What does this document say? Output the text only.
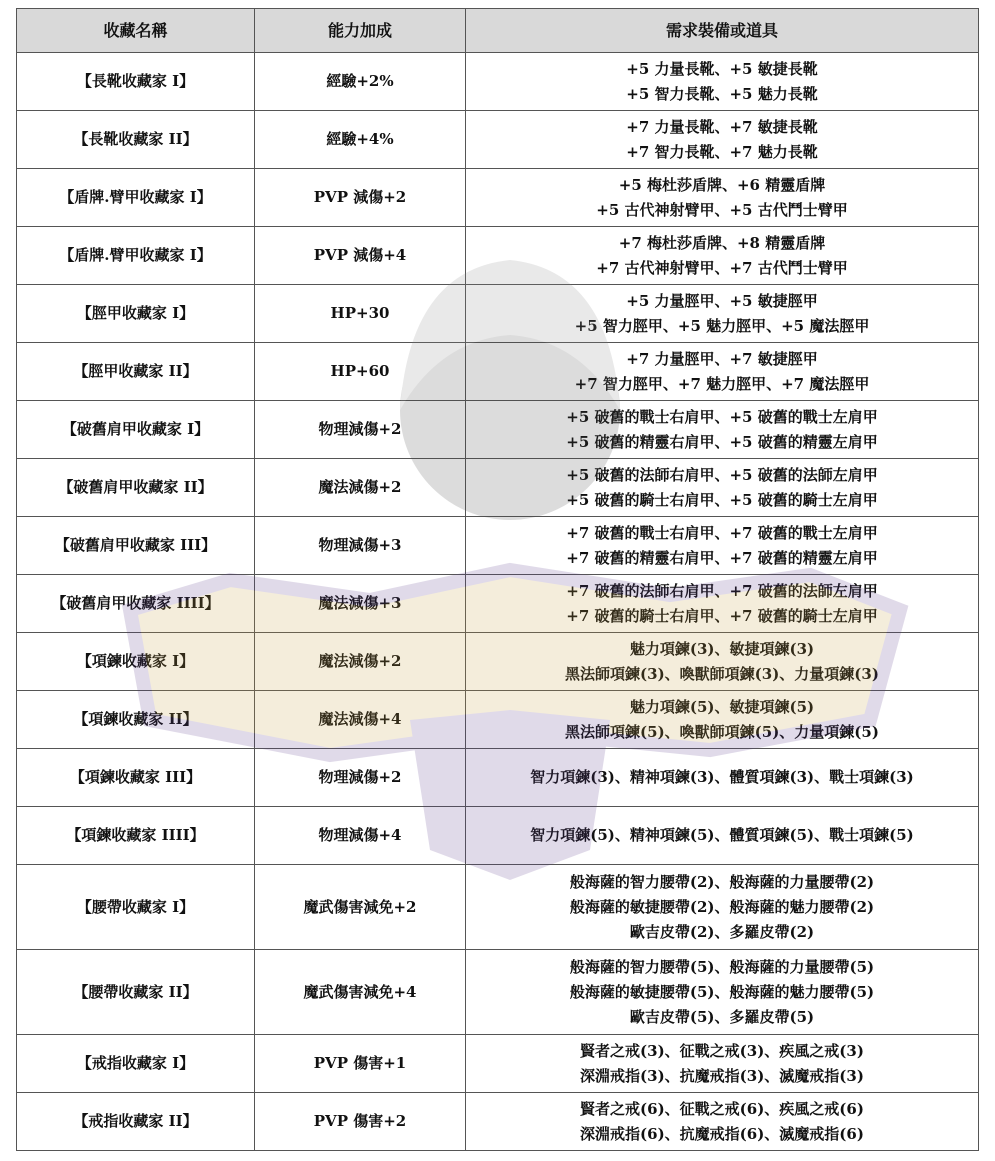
收藏名稱	能力加成	需求裝備或道具
【長靴收藏家 I】	經驗+2%	+5 力量長靴、+5 敏捷長靴
+5 智力長靴、+5 魅力長靴

【長靴收藏家 II】	經驗+4%	+7 力量長靴、+7 敏捷長靴
+7 智力長靴、+7 魅力長靴

【盾牌.臂甲收藏家 I】	PVP 減傷+2	+5 梅杜莎盾牌、+6 精靈盾牌
+5 古代神射臂甲、+5 古代鬥士臂甲

【盾牌.臂甲收藏家 I】	PVP 減傷+4	+7 梅杜莎盾牌、+8 精靈盾牌
+7 古代神射臂甲、+7 古代鬥士臂甲

【脛甲收藏家 I】	HP+30	+5 力量脛甲、+5 敏捷脛甲
+5 智力脛甲、+5 魅力脛甲、+5 魔法脛甲

【脛甲收藏家 II】	HP+60	+7 力量脛甲、+7 敏捷脛甲
+7 智力脛甲、+7 魅力脛甲、+7 魔法脛甲

【破舊肩甲收藏家 I】	物理減傷+2	+5 破舊的戰士右肩甲、+5 破舊的戰士左肩甲
+5 破舊的精靈右肩甲、+5 破舊的精靈左肩甲

【破舊肩甲收藏家 II】	魔法減傷+2	+5 破舊的法師右肩甲、+5 破舊的法師左肩甲
+5 破舊的騎士右肩甲、+5 破舊的騎士左肩甲

【破舊肩甲收藏家 III】	物理減傷+3	+7 破舊的戰士右肩甲、+7 破舊的戰士左肩甲
+7 破舊的精靈右肩甲、+7 破舊的精靈左肩甲

【破舊肩甲收藏家 IIII】	魔法減傷+3	+7 破舊的法師右肩甲、+7 破舊的法師左肩甲
+7 破舊的騎士右肩甲、+7 破舊的騎士左肩甲

【項鍊收藏家 I】	魔法減傷+2	魅力項鍊(3)、敏捷項鍊(3)
黑法師項鍊(3)、喚獸師項鍊(3)、力量項鍊(3)

【項鍊收藏家 II】	魔法減傷+4	魅力項鍊(5)、敏捷項鍊(5)
黑法師項鍊(5)、喚獸師項鍊(5)、力量項鍊(5)

【項鍊收藏家 III】	物理減傷+2	智力項鍊(3)、精神項鍊(3)、體質項鍊(3)、戰士項鍊(3)

【項鍊收藏家 IIII】	物理減傷+4	智力項鍊(5)、精神項鍊(5)、體質項鍊(5)、戰士項鍊(5)

【腰帶收藏家 I】	魔武傷害減免+2	般海薩的智力腰帶(2)、般海薩的力量腰帶(2)
般海薩的敏捷腰帶(2)、般海薩的魅力腰帶(2)
歐吉皮帶(2)、多羅皮帶(2)

【腰帶收藏家 II】	魔武傷害減免+4	般海薩的智力腰帶(5)、般海薩的力量腰帶(5)
般海薩的敏捷腰帶(5)、般海薩的魅力腰帶(5)
歐吉皮帶(5)、多羅皮帶(5)

【戒指收藏家 I】	PVP 傷害+1	賢者之戒(3)、征戰之戒(3)、疾風之戒(3)
深淵戒指(3)、抗魔戒指(3)、滅魔戒指(3)

【戒指收藏家 II】	PVP 傷害+2	賢者之戒(6)、征戰之戒(6)、疾風之戒(6)
深淵戒指(6)、抗魔戒指(6)、滅魔戒指(6)
